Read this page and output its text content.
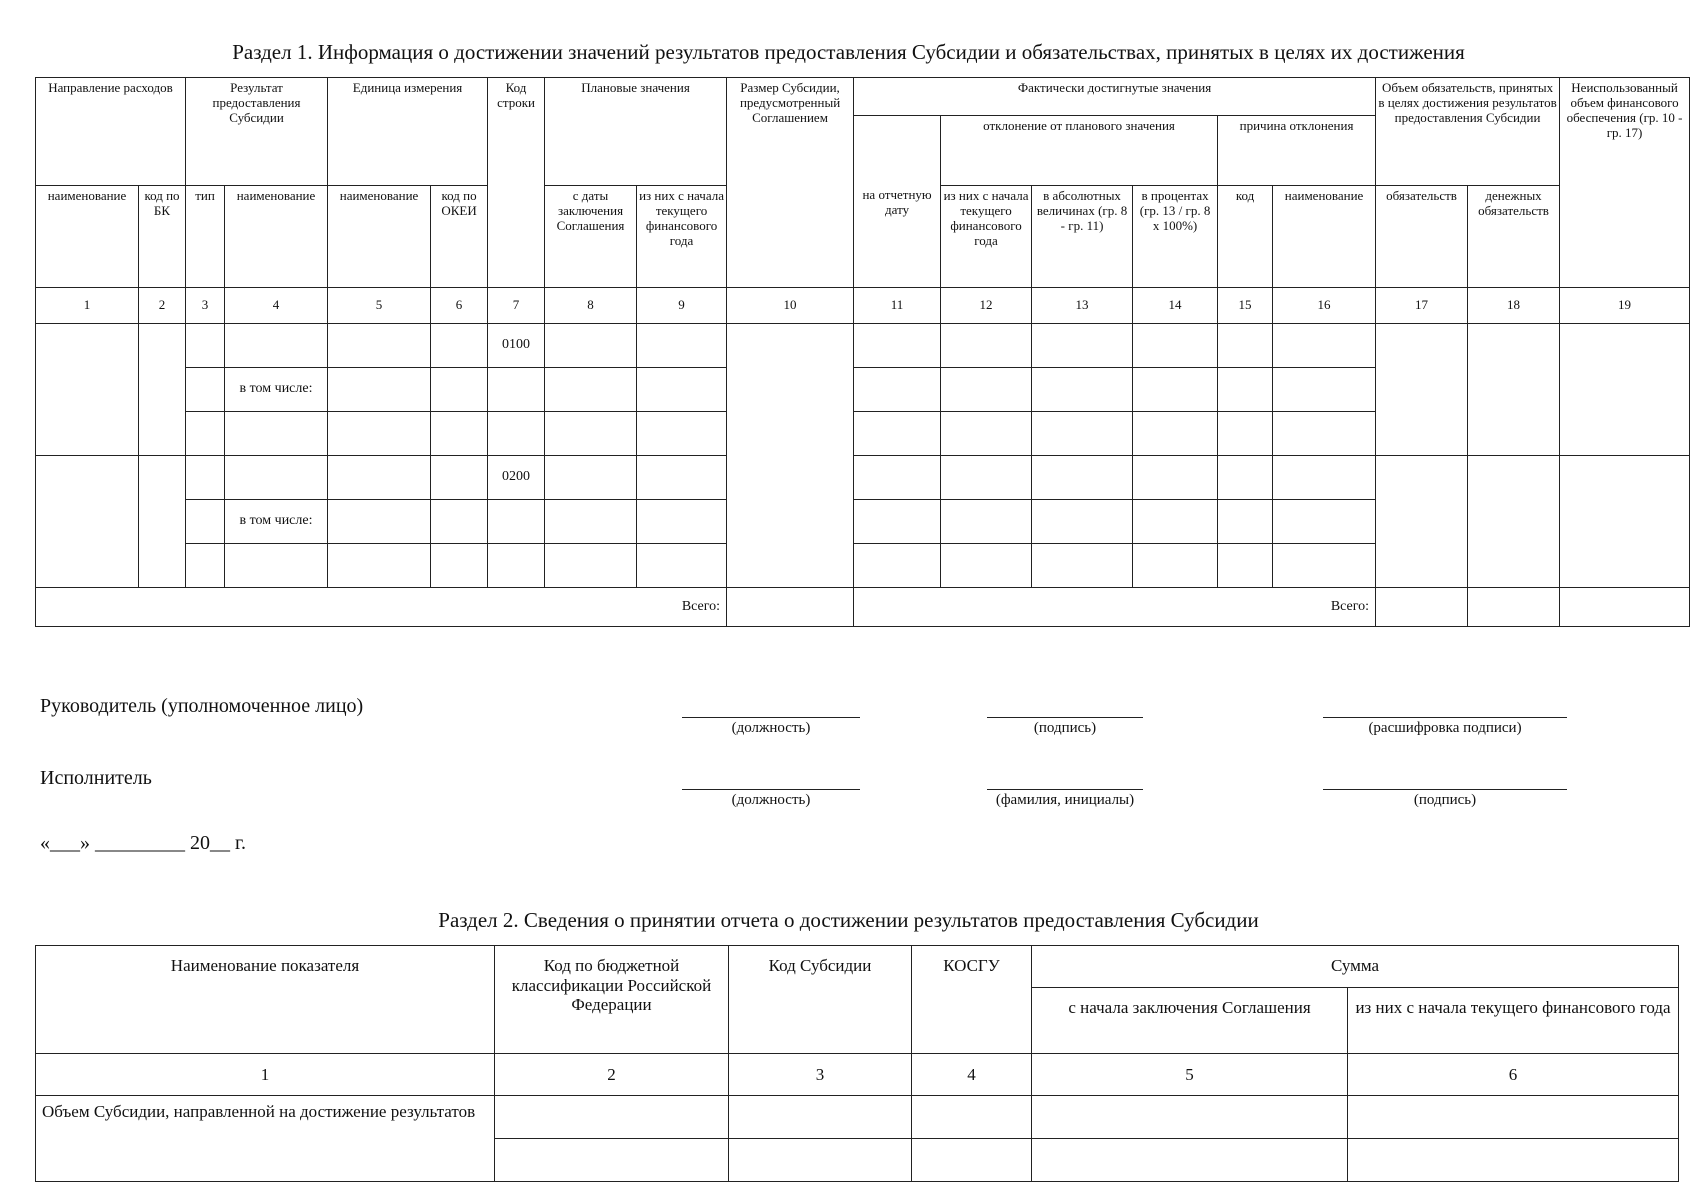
Раздел 1. Информация о достижении значений результатов предоставления Субсидии и обязательствах, принятых в целях их достижения
Направление расходов		Результат предоставления Субсидии		Единица измерения		Код строки	Плановые значения		Размер Субсидии, предусмотренный Соглашением	Фактически достигнутые значения						Объем обязательств, принятых в целях достижения результатов предоставления Субсидии		Неиспользованный объем финансового обеспечения (гр. 10 - гр. 17)
										на отчетную дату	отклонение от планового значения			причина отклонения				
наименование	код по БК	тип	наименование	наименование	код по ОКЕИ		с даты заключения Соглашения	из них с начала текущего финансового года			из них с начала текущего финансового года	в абсолютных величинах (гр. 8 - гр. 11)	в процентах (гр. 13 / гр. 8 x 100%)	код	наименование	обязательств	денежных обязательств	
1	2	3	4	5	6	7	8	9	10	11	12	13	14	15	16	17	18	19
						0100												
			в том числе:															

						0200												
			в том числе:															

Всего:										Всего:								
Руководитель (уполномоченное лицо)
(должность)	(подпись)	(расшифровка подписи)
Исполнитель
(должность)	(фамилия, инициалы)	(подпись)
«___» _________ 20__ г.
Раздел 2. Сведения о принятии отчета о достижении результатов предоставления Субсидии
Наименование показателя	Код по бюджетной классификации Российской Федерации	Код Субсидии	КОСГУ	Сумма	
				с начала заключения Соглашения	из них с начала текущего финансового года
1	2	3	4	5	6
Объем Субсидии, направленной на достижение результатов					
